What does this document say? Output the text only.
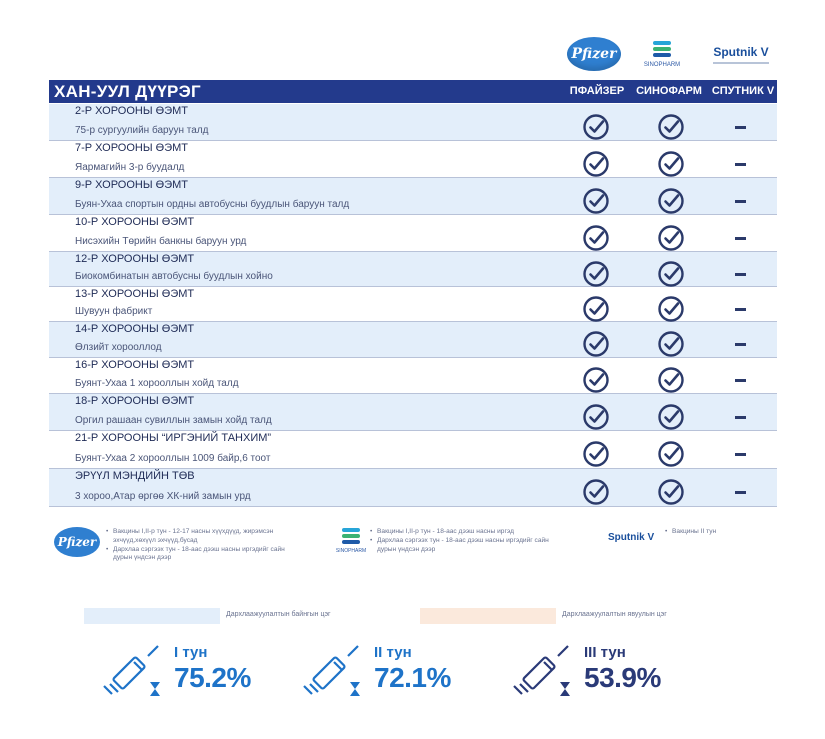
Pfizer
SINOPHARM
Sputnik V
ХАН-УУЛ ДҮҮРЭГ	ПФАЙЗЕР СИНОФАРМ СПУТНИК V
2-Р ХОРООНЫ ӨЭМТ
75-р сургуулийн баруун талд
7-Р ХОРООНЫ ӨЭМТ
Яармагийн 3-р буудалд
9-Р ХОРООНЫ ӨЭМТ
Буян-Ухаа спортын ордны автобусны буудлын баруун талд
10-Р ХОРООНЫ ӨЭМТ
Нисэхийн Төрийн банкны баруун урд
12-Р ХОРООНЫ ӨЭМТ
Биокомбинатын автобусны буудлын хойно
13-Р ХОРООНЫ ӨЭМТ
Шувуун фабрикт
14-Р ХОРООНЫ ӨЭМТ
Өлзийт хорооллод
16-Р ХОРООНЫ ӨЭМТ
Буянт-Ухаа 1 хорооллын хойд талд
18-Р ХОРООНЫ ӨЭМТ
Оргил рашаан сувиллын замын хойд талд
21-Р ХОРООНЫ “ИРГЭНИЙ ТАНХИМ”
Буянт-Ухаа 2 хорооллын 1009 байр,6 тоот
ЭРҮҮЛ МЭНДИЙН ТӨВ
3 хороо,Атар өргөө ХК-ний замын урд
Pfizer
• Вакцины I,II-р тун - 12-17 насны хүүхдүүд, жирэмсэн эхчүүд,хөхүүл эхчүүд,бусад
• Дархлаа сэргээх тун - 18-аас дээш насны иргэдийг сайн дурын үндсэн дээр
SINOPHARM
• Вакцины I,II-р тун - 18-аас дээш насны иргэд
• Дархлаа сэргээх тун - 18-аас дээш насны иргэдийг сайн дурын үндсэн дээр
Sputnik V
• Вакцины II тун
Дархлаажуулалтын байнгын цэг	Дархлаажуулалтын явуулын цэг
I тун
75.2%
II тун
72.1%
III тун
53.9%
